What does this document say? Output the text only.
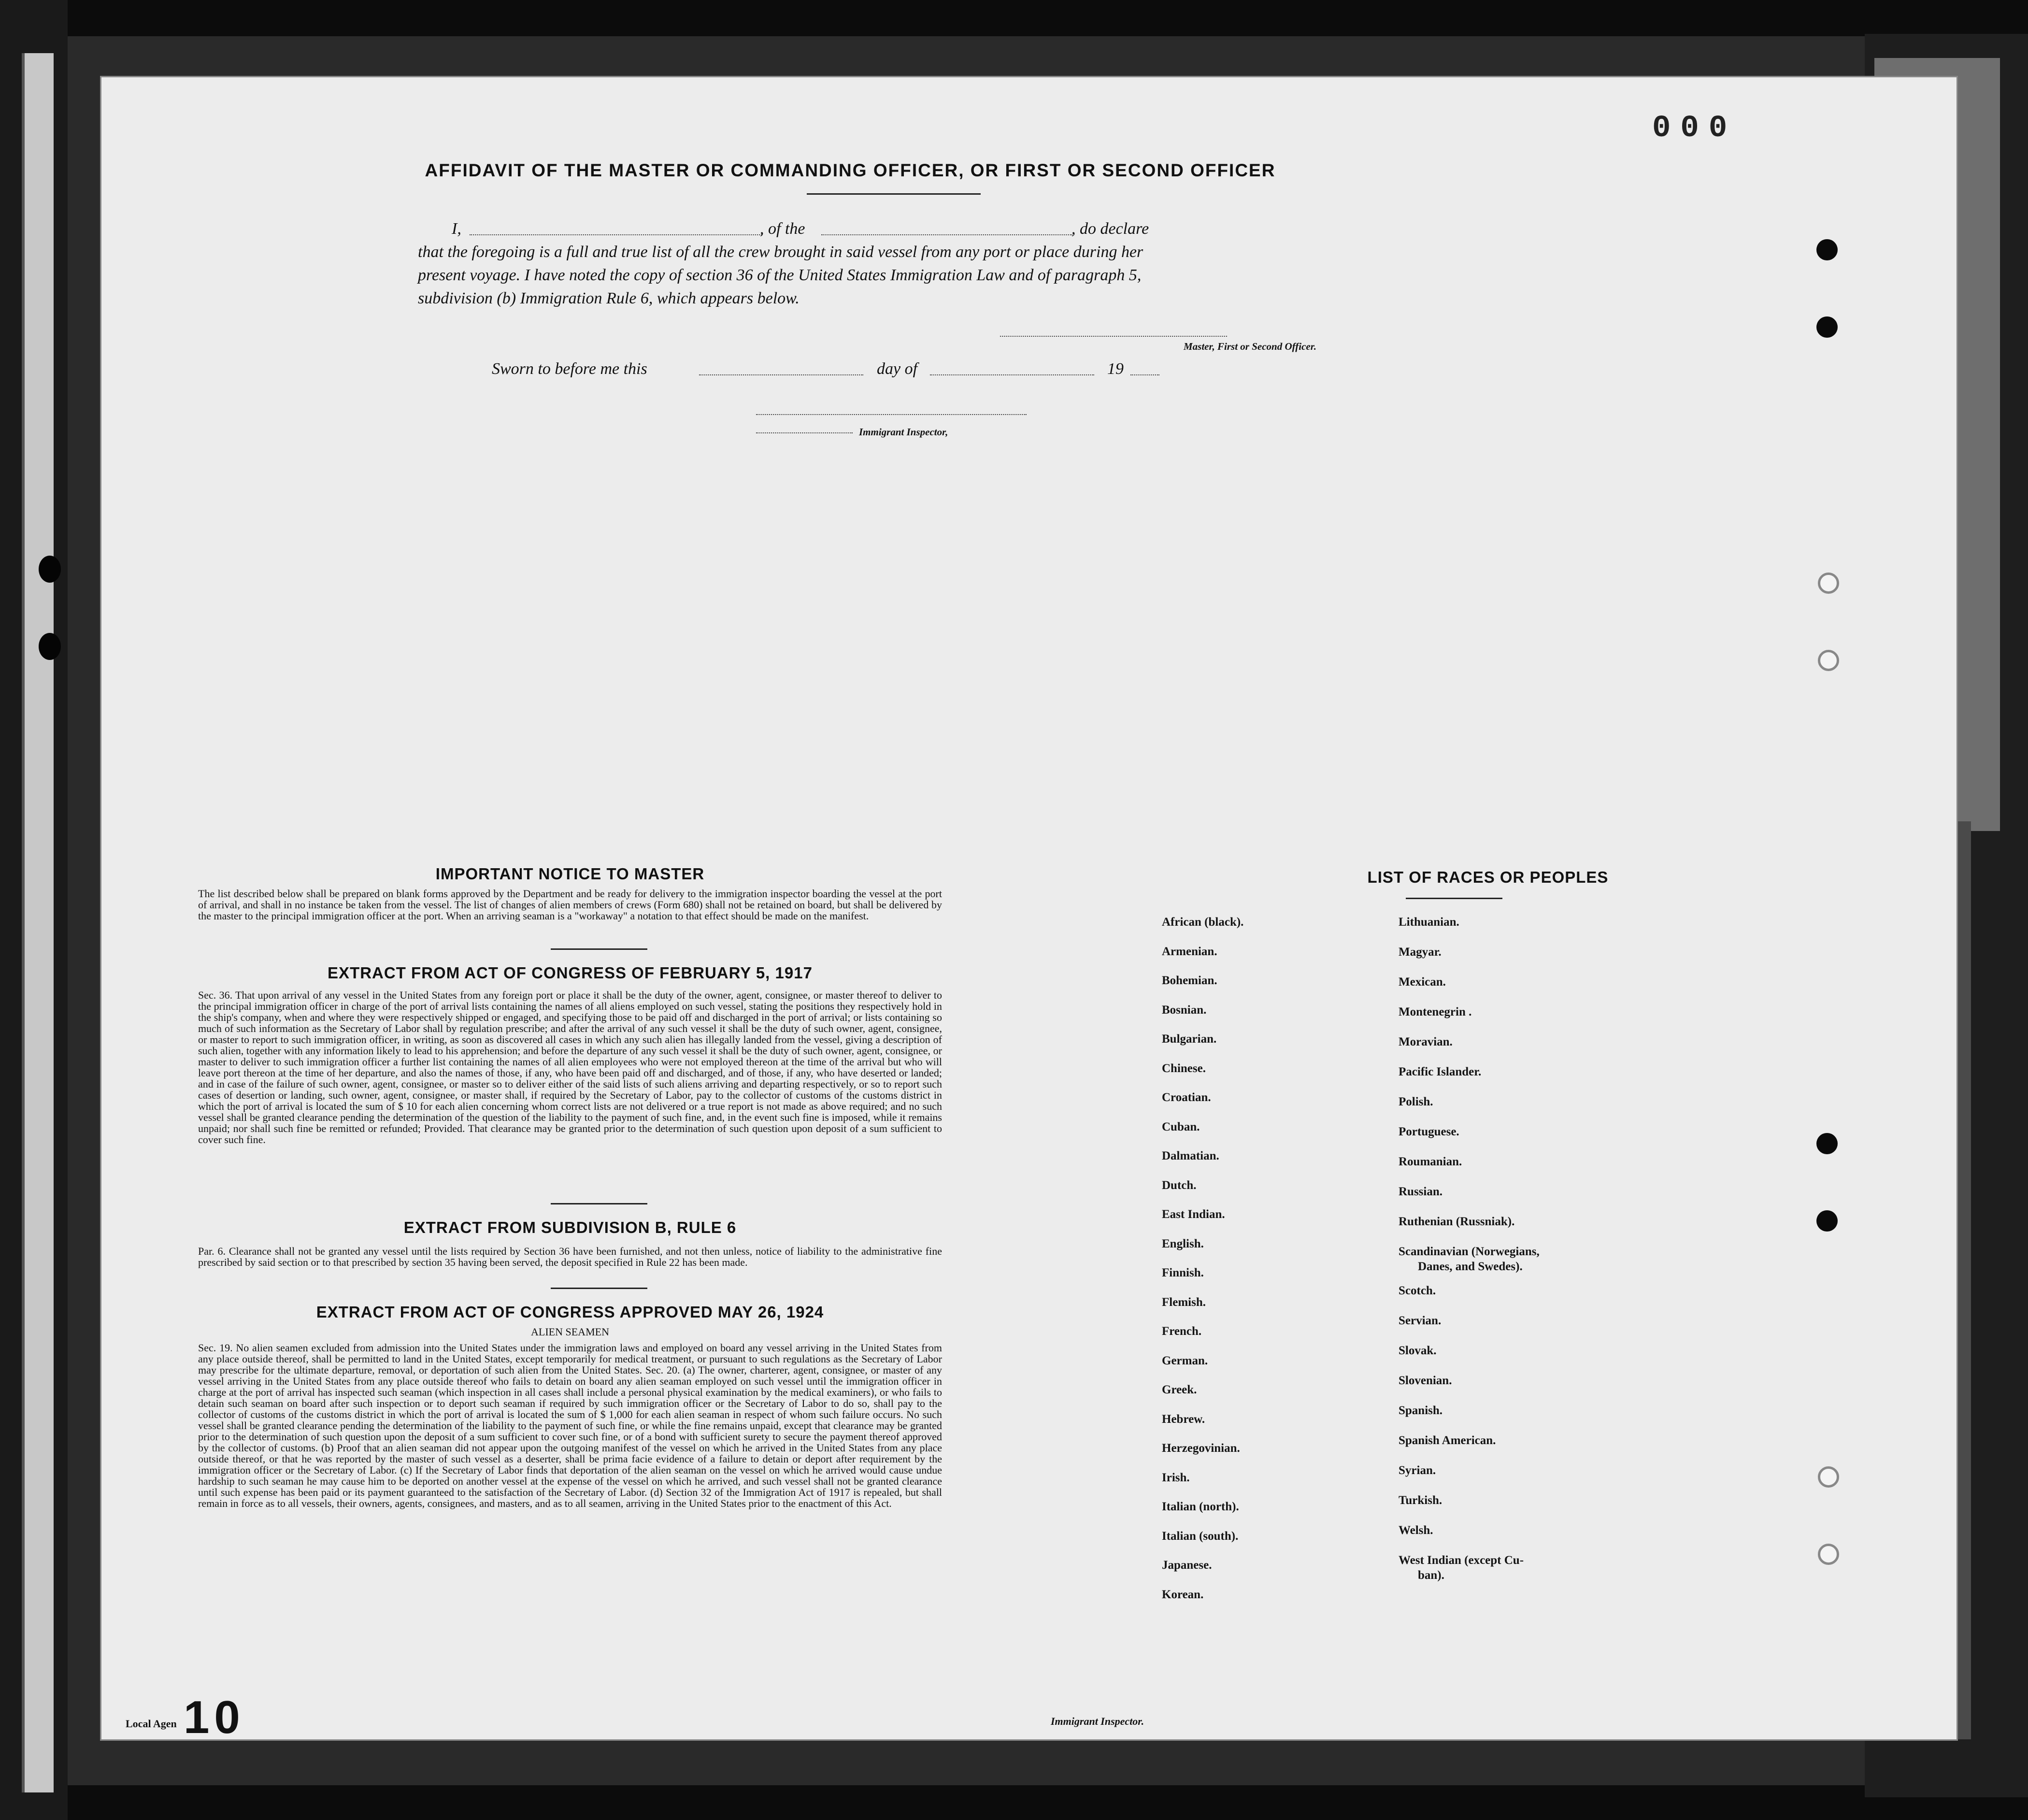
000
AFFIDAVIT OF THE MASTER OR COMMANDING OFFICER, OR FIRST OR SECOND OFFICER
I,	, of the	, do declare
that the foregoing is a full and true list of all the crew brought in said vessel from any port or place during her
present voyage. I have noted the copy of section 36 of the United States Immigration Law and of paragraph 5,
subdivision (b) Immigration Rule 6, which appears below.
Master, First or Second Officer.
Sworn to before me this	day of	19
Immigrant Inspector,
IMPORTANT NOTICE TO MASTER
The list described below shall be prepared on blank forms approved by the Department and be ready for delivery to the immigration inspector boarding the vessel at the port of arrival, and shall in no instance be taken from the vessel. The list of changes of alien members of crews (Form 680) shall not be retained on board, but shall be delivered by the master to the principal immigration officer at the port. When an arriving seaman is a "workaway" a notation to that effect should be made on the manifest.
EXTRACT FROM ACT OF CONGRESS OF FEBRUARY 5, 1917
Sec. 36. That upon arrival of any vessel in the United States from any foreign port or place it shall be the duty of the owner, agent, consignee, or master thereof to deliver to the principal immigration officer in charge of the port of arrival lists containing the names of all aliens employed on such vessel, stating the positions they respectively hold in the ship's company, when and where they were respectively shipped or engaged, and specifying those to be paid off and discharged in the port of arrival; or lists containing so much of such information as the Secretary of Labor shall by regulation prescribe; and after the arrival of any such vessel it shall be the duty of such owner, agent, consignee, or master to report to such immigration officer, in writing, as soon as discovered all cases in which any such alien has illegally landed from the vessel, giving a description of such alien, together with any information likely to lead to his apprehension; and before the departure of any such vessel it shall be the duty of such owner, agent, consignee, or master to deliver to such immigration officer a further list containing the names of all alien employees who were not employed thereon at the time of the arrival but who will leave port thereon at the time of her departure, and also the names of those, if any, who have been paid off and discharged, and of those, if any, who have deserted or landed; and in case of the failure of such owner, agent, consignee, or master so to deliver either of the said lists of such aliens arriving and departing respectively, or so to report such cases of desertion or landing, such owner, agent, consignee, or master shall, if required by the Secretary of Labor, pay to the collector of customs of the customs district in which the port of arrival is located the sum of $ 10 for each alien concerning whom correct lists are not delivered or a true report is not made as above required; and no such vessel shall be granted clearance pending the determination of the question of the liability to the payment of such fine, and, in the event such fine is imposed, while it remains unpaid; nor shall such fine be remitted or refunded; Provided. That clearance may be granted prior to the determination of such question upon deposit of a sum sufficient to cover such fine.
EXTRACT FROM SUBDIVISION B, RULE 6
Par. 6. Clearance shall not be granted any vessel until the lists required by Section 36 have been furnished, and not then unless, notice of liability to the administrative fine prescribed by said section or to that prescribed by section 35 having been served, the deposit specified in Rule 22 has been made.
EXTRACT FROM ACT OF CONGRESS APPROVED MAY 26, 1924
ALIEN SEAMEN
Sec. 19. No alien seamen excluded from admission into the United States under the immigration laws and employed on board any vessel arriving in the United States from any place outside thereof, shall be permitted to land in the United States, except temporarily for medical treatment, or pursuant to such regulations as the Secretary of Labor may prescribe for the ultimate departure, removal, or deportation of such alien from the United States. Sec. 20. (a) The owner, charterer, agent, consignee, or master of any vessel arriving in the United States from any place outside thereof who fails to detain on board any alien seaman employed on such vessel until the immigration officer in charge at the port of arrival has inspected such seaman (which inspection in all cases shall include a personal physical examination by the medical examiners), or who fails to detain such seaman on board after such inspection or to deport such seaman if required by such immigration officer or the Secretary of Labor to do so, shall pay to the collector of customs of the customs district in which the port of arrival is located the sum of $ 1,000 for each alien seaman in respect of whom such failure occurs. No such vessel shall be granted clearance pending the determination of the liability to the payment of such fine, or while the fine remains unpaid, except that clearance may be granted prior to the determination of such question upon the deposit of a sum sufficient to cover such fine, or of a bond with sufficient surety to secure the payment thereof approved by the collector of customs. (b) Proof that an alien seaman did not appear upon the outgoing manifest of the vessel on which he arrived in the United States from any place outside thereof, or that he was reported by the master of such vessel as a deserter, shall be prima facie evidence of a failure to detain or deport after requirement by the immigration officer or the Secretary of Labor. (c) If the Secretary of Labor finds that deportation of the alien seaman on the vessel on which he arrived would cause undue hardship to such seaman he may cause him to be deported on another vessel at the expense of the vessel on which he arrived, and such vessel shall not be granted clearance until such expense has been paid or its payment guaranteed to the satisfaction of the Secretary of Labor. (d) Section 32 of the Immigration Act of 1917 is repealed, but shall remain in force as to all vessels, their owners, agents, consignees, and masters, and as to all seamen, arriving in the United States prior to the enactment of this Act.
LIST OF RACES OR PEOPLES
Local Agen 10	Immigrant Inspector.
African (black).
Armenian.
Bohemian.
Bosnian.
Bulgarian.
Chinese.
Croatian.
Cuban.
Dalmatian.
Dutch.
East Indian.
English.
Finnish.
Flemish.
French.
German.
Greek.
Hebrew.
Herzegovinian.
Irish.
Italian (north).
Italian (south).
Japanese.
Korean.
Lithuanian.
Magyar.
Mexican.
Montenegrin .
Moravian.
Pacific Islander.
Polish.
Portuguese.
Roumanian.
Russian.
Ruthenian (Russniak).
Scandinavian (Norwegians,
Danes, and Swedes).
Scotch.
Servian.
Slovak.
Slovenian.
Spanish.
Spanish American.
Syrian.
Turkish.
Welsh.
West Indian (except Cu-
ban).
